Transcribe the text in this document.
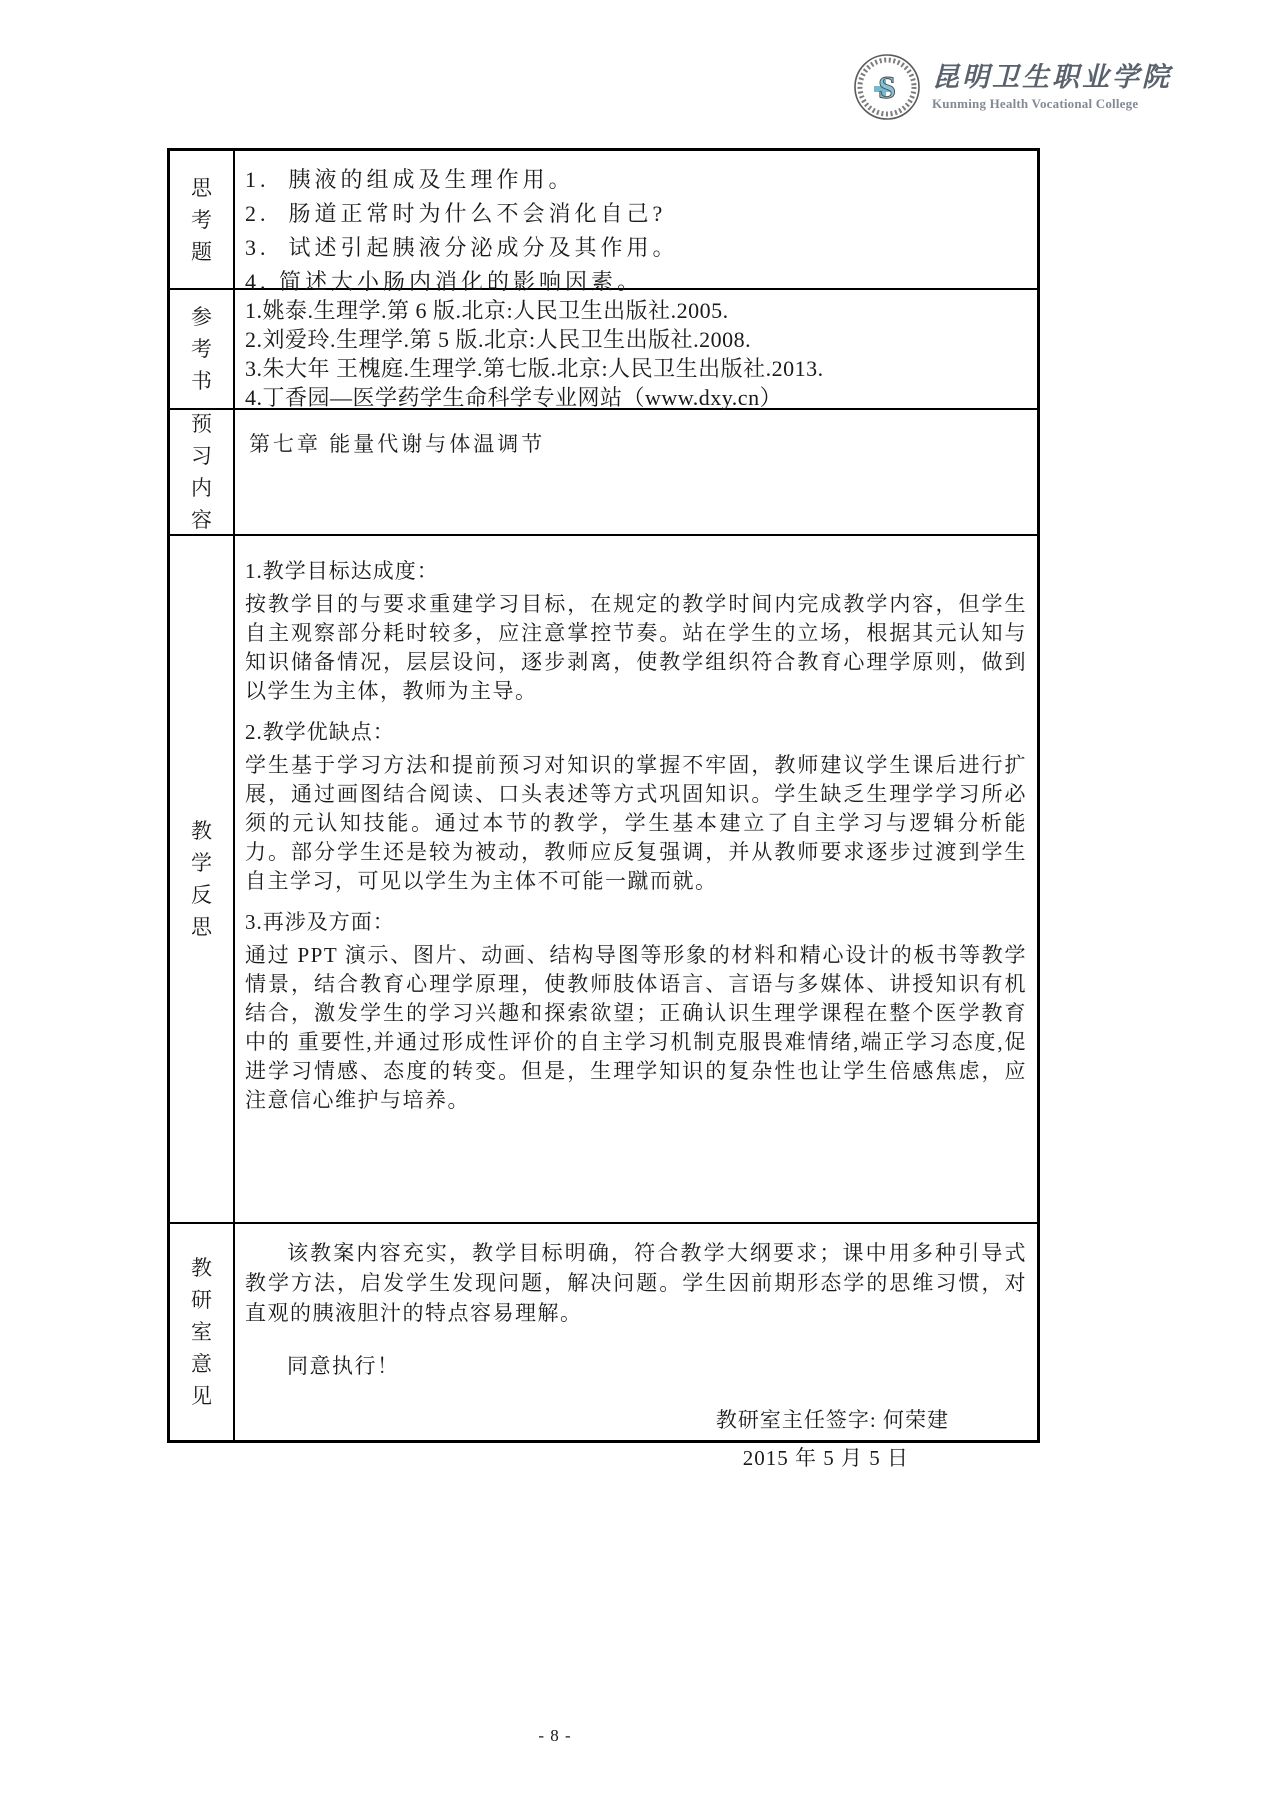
S 昆明卫生职业学院
Kunming Health Vocational College
思考题
1.  胰液的组成及生理作用。
2.  肠道正常时为什么不会消化自己?
3.  试述引起胰液分泌成分及其作用。
4. 简述大小肠内消化的影响因素。
参考书
1.姚泰.生理学.第 6 版.北京:人民卫生出版社.2005.
2.刘爱玲.生理学.第 5 版.北京:人民卫生出版社.2008.
3.朱大年 王槐庭.生理学.第七版.北京:人民卫生出版社.2013.
4.丁香园—医学药学生命科学专业网站（www.dxy.cn）
预习内容
第七章 能量代谢与体温调节
教学反思
1.教学目标达成度：

按教学目的与要求重建学习目标，在规定的教学时间内完成教学内容，但学生自主观察部分耗时较多，应注意掌控节奏。站在学生的立场，根据其元认知与知识储备情况，层层设问，逐步剥离，使教学组织符合教育心理学原则，做到以学生为主体，教师为主导。

2.教学优缺点：

学生基于学习方法和提前预习对知识的掌握不牢固，教师建议学生课后进行扩展，通过画图结合阅读、口头表述等方式巩固知识。学生缺乏生理学学习所必须的元认知技能。通过本节的教学，学生基本建立了自主学习与逻辑分析能力。部分学生还是较为被动，教师应反复强调，并从教师要求逐步过渡到学生自主学习，可见以学生为主体不可能一蹴而就。

3.再涉及方面：

通过 PPT 演示、图片、动画、结构导图等形象的材料和精心设计的板书等教学情景，结合教育心理学原理，使教师肢体语言、言语与多媒体、讲授知识有机结合，激发学生的学习兴趣和探索欲望；正确认识生理学课程在整个医学教育中的 重要性,并通过形成性评价的自主学习机制克服畏难情绪,端正学习态度,促进学习情感、态度的转变。但是，生理学知识的复杂性也让学生倍感焦虑，应注意信心维护与培养。

教研室意见

该教案内容充实，教学目标明确，符合教学大纲要求；课中用多种引导式教学方法，启发学生发现问题，解决问题。学生因前期形态学的思维习惯，对直观的胰液胆汁的特点容易理解。

同意执行！
教研室主任签字: 何荣建
2015 年 5 月 5 日
- 8 -
